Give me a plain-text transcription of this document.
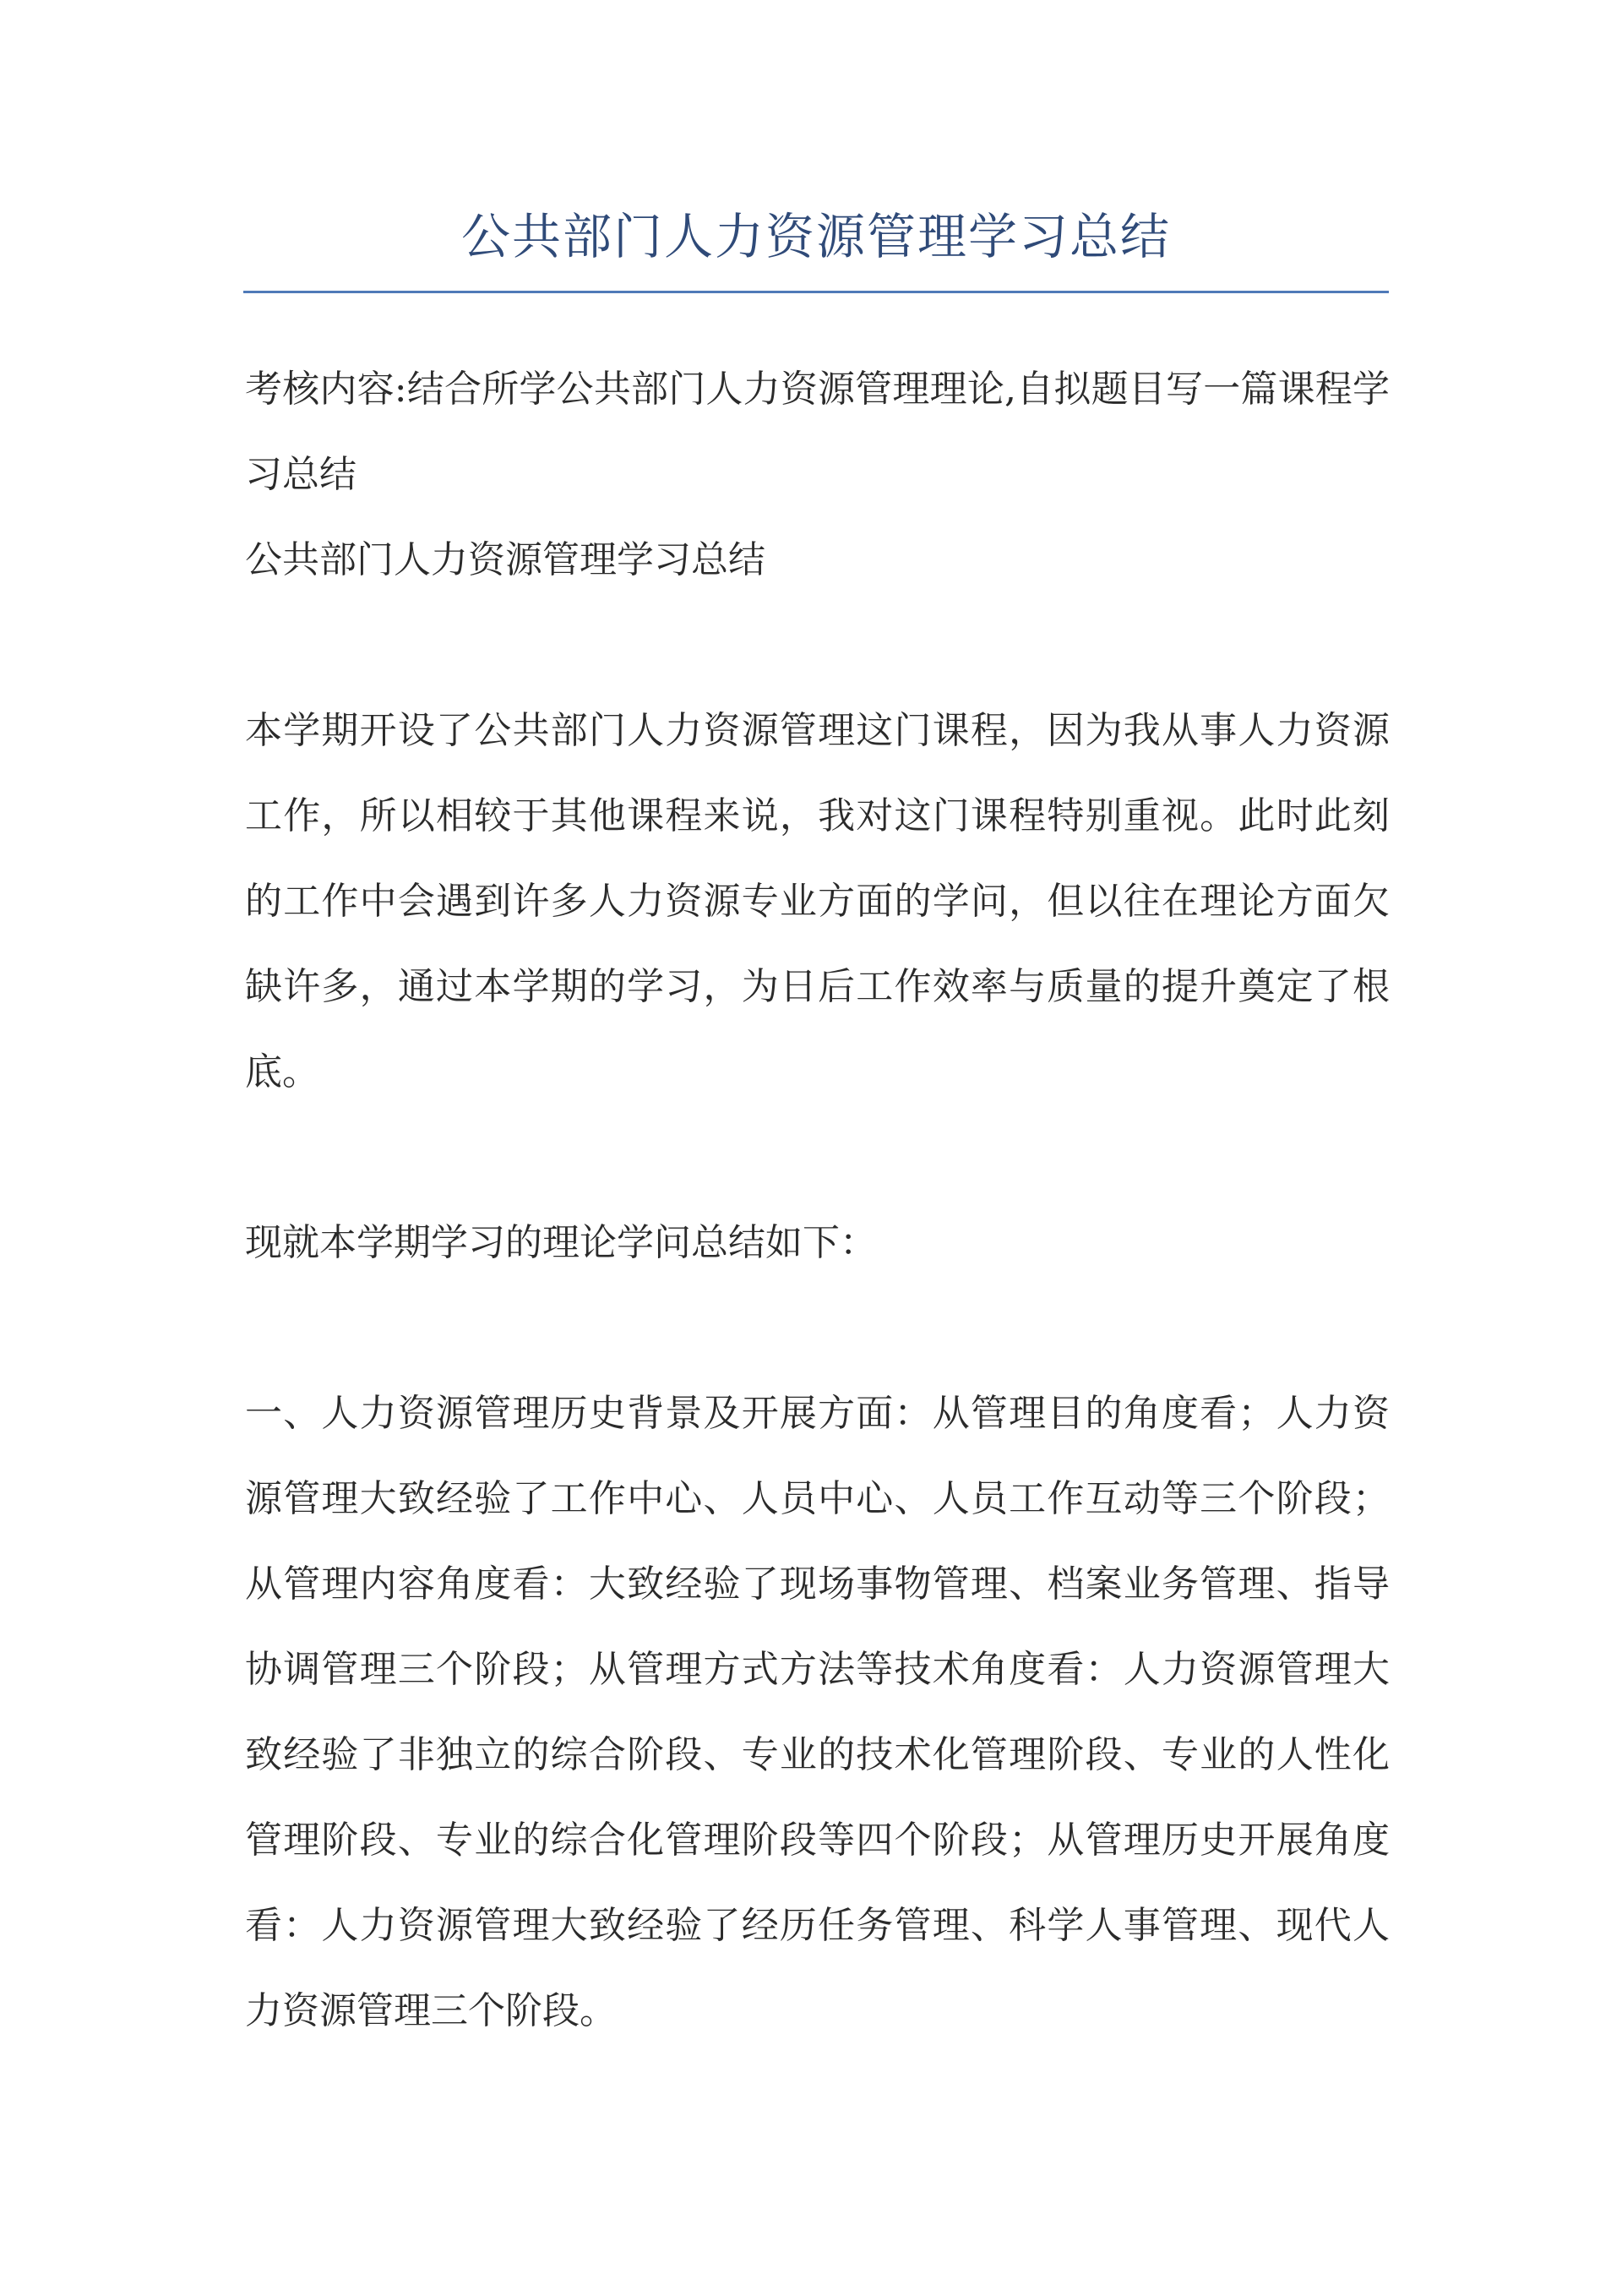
公共部门人力资源管理学习总结

考核内容:结合所学公共部门人力资源管理理论,自拟题目写一篇课程学习总结

公共部门人力资源管理学习总结

本学期开设了公共部门人力资源管理这门课程，因为我从事人力资源工作，所以相较于其他课程来说，我对这门课程特别重视。此时此刻的工作中会遇到许多人力资源专业方面的学问，但以往在理论方面欠缺许多，通过本学期的学习，为日后工作效率与质量的提升奠定了根底。

现就本学期学习的理论学问总结如下：

一、人力资源管理历史背景及开展方面：从管理目的角度看；人力资源管理大致经验了工作中心、人员中心、人员工作互动等三个阶段；从管理内容角度看：大致经验了现场事物管理、档案业务管理、指导协调管理三个阶段；从管理方式方法等技术角度看：人力资源管理大致经验了非独立的综合阶段、专业的技术化管理阶段、专业的人性化管理阶段、专业的综合化管理阶段等四个阶段；从管理历史开展角度看：人力资源管理大致经验了经历任务管理、科学人事管理、现代人力资源管理三个阶段。
